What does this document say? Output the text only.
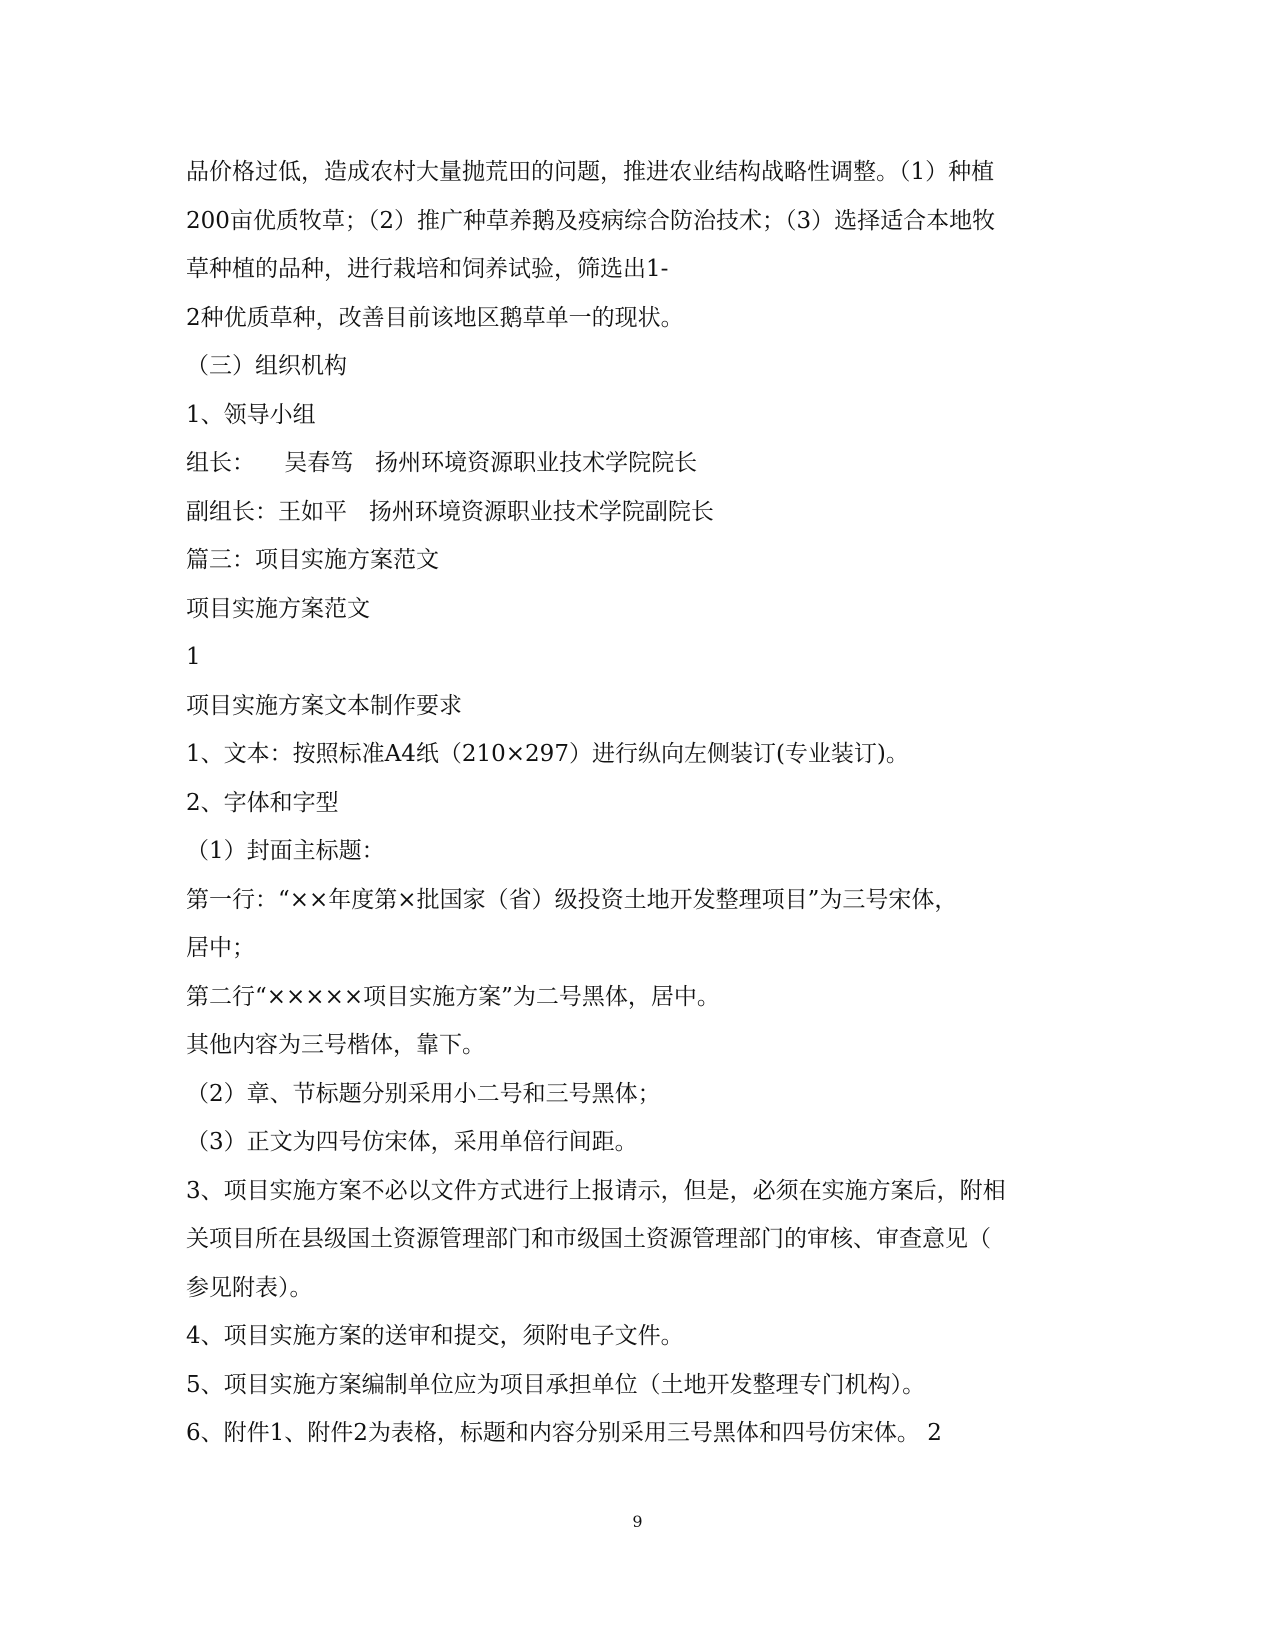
品价格过低，造成农村大量抛荒田的问题，推进农业结构战略性调整。（1）种植
200亩优质牧草；（2）推广种草养鹅及疫病综合防治技术；（3）选择适合本地牧
草种植的品种，进行栽培和饲养试验，筛选出1-
2种优质草种，改善目前该地区鹅草单一的现状。
（三）组织机构
1、领导小组
组长：    吴春笃   扬州环境资源职业技术学院院长
副组长：王如平   扬州环境资源职业技术学院副院长
篇三：项目实施方案范文
项目实施方案范文
1
项目实施方案文本制作要求
1、文本：按照标准A4纸（210×297）进行纵向左侧装订(专业装订)。
2、字体和字型
（1）封面主标题：
第一行：“××年度第×批国家（省）级投资土地开发整理项目”为三号宋体，
居中；
第二行“×××××项目实施方案”为二号黑体，居中。
其他内容为三号楷体，靠下。
（2）章、节标题分别采用小二号和三号黑体；
（3）正文为四号仿宋体，采用单倍行间距。
3、项目实施方案不必以文件方式进行上报请示，但是，必须在实施方案后，附相
关项目所在县级国土资源管理部门和市级国土资源管理部门的审核、审查意见（
参见附表）。
4、项目实施方案的送审和提交，须附电子文件。
5、项目实施方案编制单位应为项目承担单位（土地开发整理专门机构）。
6、附件1、附件2为表格，标题和内容分别采用三号黑体和四号仿宋体。 2
9
